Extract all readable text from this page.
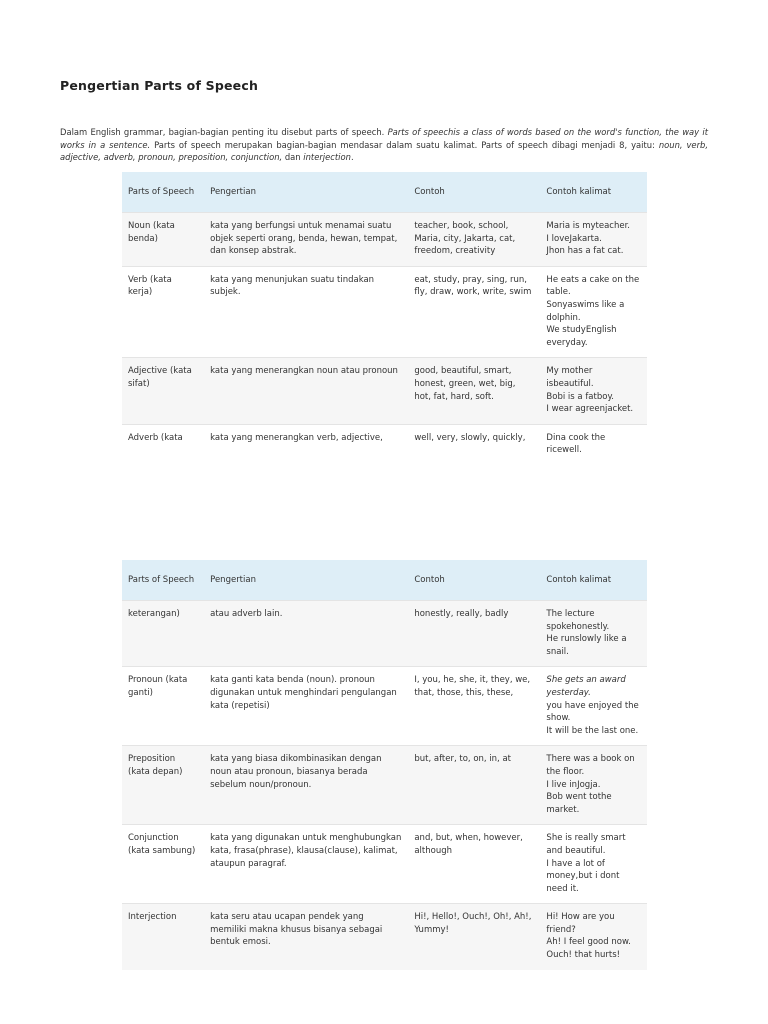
Pengertian Parts of Speech
Dalam English grammar, bagian-bagian penting itu disebut parts of speech. Parts of speechis a class of words based on the word's function, the way it works in a sentence. Parts of speech merupakan bagian-bagian mendasar dalam suatu kalimat. Parts of speech dibagi menjadi 8, yaitu: noun, verb, adjective, adverb, pronoun, preposition, conjunction, dan interjection.
Parts of Speech	Pengertian	Contoh	Contoh kalimat
Noun (kata benda)	kata yang berfungsi untuk menamai suatu objek seperti orang, benda, hewan, tempat, dan konsep abstrak.	teacher, book, school, Maria, city, Jakarta, cat, freedom, creativity	Maria is myteacher.
I loveJakarta.
Jhon has a fat cat.

Verb (kata kerja)	kata yang menunjukan suatu tindakan subjek.	eat, study, pray, sing, run, fly, draw, work, write, swim	He eats a cake on the table.
Sonyaswims like a dolphin.
We studyEnglish everyday.

Adjective (kata sifat)	kata yang menerangkan noun atau pronoun	good, beautiful, smart, honest, green, wet, big, hot, fat, hard, soft.	My mother isbeautiful.
Bobi is a fatboy.
I wear agreenjacket.

Adverb (kata	kata yang menerangkan verb, adjective,	well, very, slowly, quickly,	Dina cook the ricewell.
Parts of Speech	Pengertian	Contoh	Contoh kalimat
keterangan)	atau adverb lain.	honestly, really, badly	The lecture spokehonestly.
He runslowly like a snail.

Pronoun (kata ganti)	kata ganti kata benda (noun). pronoun digunakan untuk menghindari pengulangan kata (repetisi)	I, you, he, she, it, they, we, that, those, this, these,	She gets an award yesterday.
you have enjoyed the show.
It will be the last one.

Preposition (kata depan)	kata yang biasa dikombinasikan dengan noun atau pronoun, biasanya berada sebelum noun/pronoun.	but, after, to, on, in, at	There was a book on the floor.
I live inJogja.
Bob went tothe market.

Conjunction (kata sambung)	kata yang digunakan untuk menghubungkan kata, frasa(phrase), klausa(clause), kalimat, ataupun paragraf.	and, but, when, however, although	She is really smart and beautiful.
I have a lot of money,but i dont need it.

Interjection	kata seru atau ucapan pendek yang memiliki makna khusus bisanya sebagai bentuk emosi.	Hi!, Hello!, Ouch!, Oh!, Ah!, Yummy!	Hi! How are you friend?
Ah! I feel good now.
Ouch! that hurts!
